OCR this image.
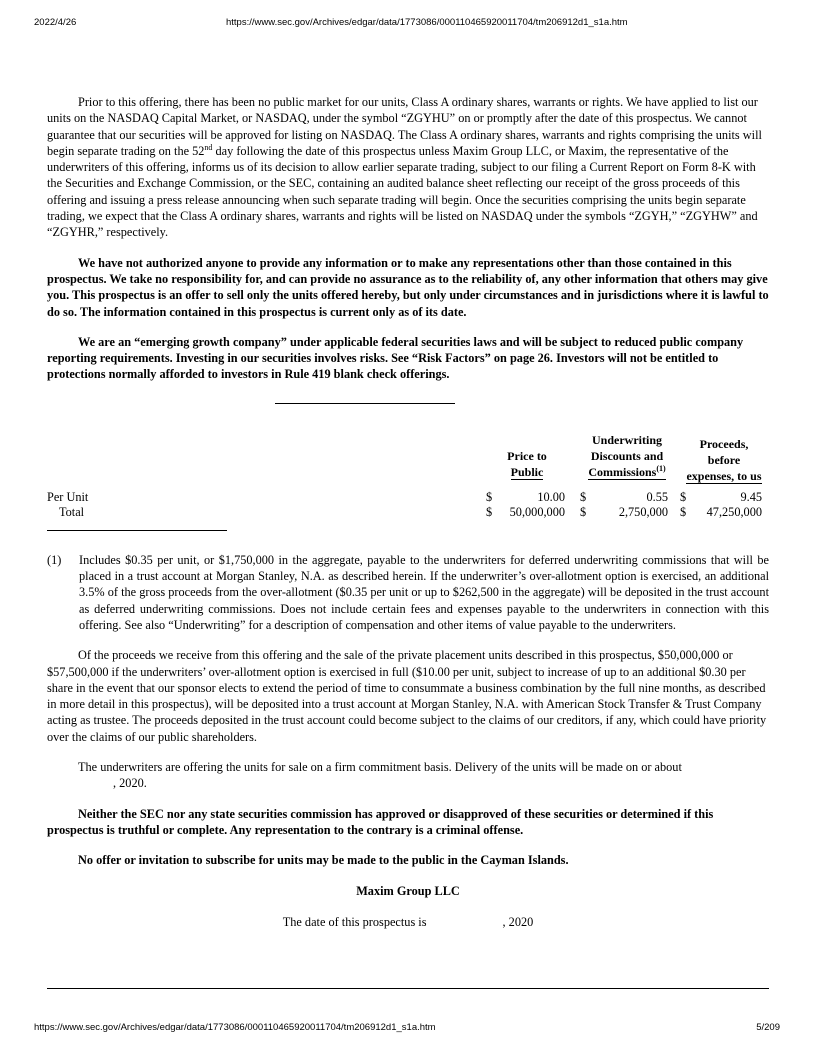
2022/4/26	https://www.sec.gov/Archives/edgar/data/1773086/000110465920011704/tm206912d1_s1a.htm

Prior to this offering, there has been no public market for our units, Class A ordinary shares, warrants or rights. We have applied to list our units on the NASDAQ Capital Market, or NASDAQ, under the symbol “ZGYHU” on or promptly after the date of this prospectus. We cannot guarantee that our securities will be approved for listing on NASDAQ. The Class A ordinary shares, warrants and rights comprising the units will begin separate trading on the 52nd day following the date of this prospectus unless Maxim Group LLC, or Maxim, the representative of the underwriters of this offering, informs us of its decision to allow earlier separate trading, subject to our filing a Current Report on Form 8-K with the Securities and Exchange Commission, or the SEC, containing an audited balance sheet reflecting our receipt of the gross proceeds of this offering and issuing a press release announcing when such separate trading will begin. Once the securities comprising the units begin separate trading, we expect that the Class A ordinary shares, warrants and rights will be listed on NASDAQ under the symbols “ZGYH,” “ZGYHW” and “ZGYHR,” respectively.

We have not authorized anyone to provide any information or to make any representations other than those contained in this prospectus. We take no responsibility for, and can provide no assurance as to the reliability of, any other information that others may give you. This prospectus is an offer to sell only the units offered hereby, but only under circumstances and in jurisdictions where it is lawful to do so. The information contained in this prospectus is current only as of its date.

We are an “emerging growth company” under applicable federal securities laws and will be subject to reduced public company reporting requirements. Investing in our securities involves risks. See “Risk Factors” on page 26. Investors will not be entitled to protections normally afforded to investors in Rule 419 blank check offerings.

Price to
Public
Underwriting
Discounts and
Commissions$^{(1)}$
Proceeds,
before
expenses, to us
Per Unit	$	10.00 $	0.55 $	9.45
Total	$	50,000,000 $	2,750,000 $	47,250,000
(1)	Includes $0.35 per unit, or $1,750,000 in the aggregate, payable to the underwriters for deferred underwriting commissions that will be placed in a trust account at Morgan Stanley, N.A. as described herein. If the underwriter’s over-allotment option is exercised, an additional 3.5% of the gross proceeds from the over-allotment ($0.35 per unit or up to $262,500 in the aggregate) will be deposited in the trust account as deferred underwriting commissions. Does not include certain fees and expenses payable to the underwriters in connection with this offering. See also “Underwriting” for a description of compensation and other items of value payable to the underwriters.

Of the proceeds we receive from this offering and the sale of the private placement units described in this prospectus, $50,000,000 or $57,500,000 if the underwriters’ over-allotment option is exercised in full ($10.00 per unit, subject to increase of up to an additional $0.30 per share in the event that our sponsor elects to extend the period of time to consummate a business combination by the full nine months, as described in more detail in this prospectus), will be deposited into a trust account at Morgan Stanley, N.A. with American Stock Transfer & Trust Company acting as trustee. The proceeds deposited in the trust account could become subject to the claims of our creditors, if any, which could have priority over the claims of our public shareholders.

The underwriters are offering the units for sale on a firm commitment basis. Delivery of the units will be made on or about
, 2020.

Neither the SEC nor any state securities commission has approved or disapproved of these securities or determined if this prospectus is truthful or complete. Any representation to the contrary is a criminal offense.

No offer or invitation to subscribe for units may be made to the public in the Cayman Islands.

Maxim Group LLC

The date of this prospectus is	, 2020

https://www.sec.gov/Archives/edgar/data/1773086/000110465920011704/tm206912d1_s1a.htm	5/209
